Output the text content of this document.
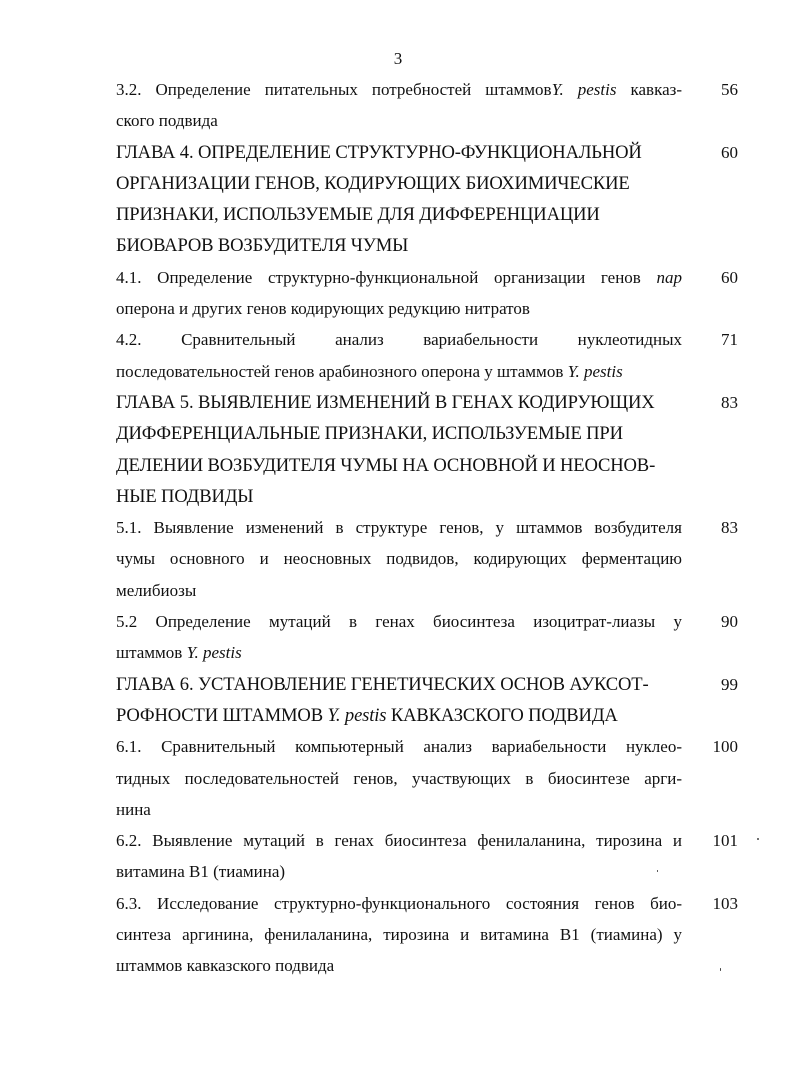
3
3.2. Определение питательных потребностей штаммовY. pestis кавказ-
ского подвида
56
ГЛАВА 4. ОПРЕДЕЛЕНИЕ СТРУКТУРНО-ФУНКЦИОНАЛЬНОЙ
ОРГАНИЗАЦИИ ГЕНОВ, КОДИРУЮЩИХ БИОХИМИЧЕСКИЕ
ПРИЗНАКИ, ИСПОЛЬЗУЕМЫЕ ДЛЯ ДИФФЕРЕНЦИАЦИИ
БИОВАРОВ ВОЗБУДИТЕЛЯ ЧУМЫ
60
4.1. Определение структурно-функциональной организации генов nap
оперона и других генов кодирующих редукцию нитратов
60
4.2. Сравнительный анализ вариабельности нуклеотидных
последовательностей генов арабинозного оперона у штаммов Y. pestis
71
ГЛАВА 5. ВЫЯВЛЕНИЕ ИЗМЕНЕНИЙ В ГЕНАХ КОДИРУЮЩИХ
ДИФФЕРЕНЦИАЛЬНЫЕ ПРИЗНАКИ, ИСПОЛЬЗУЕМЫЕ ПРИ
ДЕЛЕНИИ ВОЗБУДИТЕЛЯ ЧУМЫ НА ОСНОВНОЙ И НЕОСНОВ-
НЫЕ ПОДВИДЫ
83
5.1. Выявление изменений в структуре генов, у штаммов возбудителя
чумы основного и неосновных подвидов, кодирующих ферментацию
мелибиозы
83
5.2 Определение мутаций в генах биосинтеза изоцитрат-лиазы у
штаммов Y. pestis
90
ГЛАВА 6. УСТАНОВЛЕНИЕ ГЕНЕТИЧЕСКИХ ОСНОВ АУКСОТ-
РОФНОСТИ ШТАММОВ Y. pestis КАВКАЗСКОГО ПОДВИДА
99
6.1. Сравнительный компьютерный анализ вариабельности нуклео-
тидных последовательностей генов, участвующих в биосинтезе арги-
нина
100
6.2. Выявление мутаций в генах биосинтеза фенилаланина, тирозина и
витамина В1 (тиамина)
101
6.3. Исследование структурно-функционального состояния генов био-
синтеза аргинина, фенилаланина, тирозина и витамина В1 (тиамина) у
штаммов кавказского подвида
103
